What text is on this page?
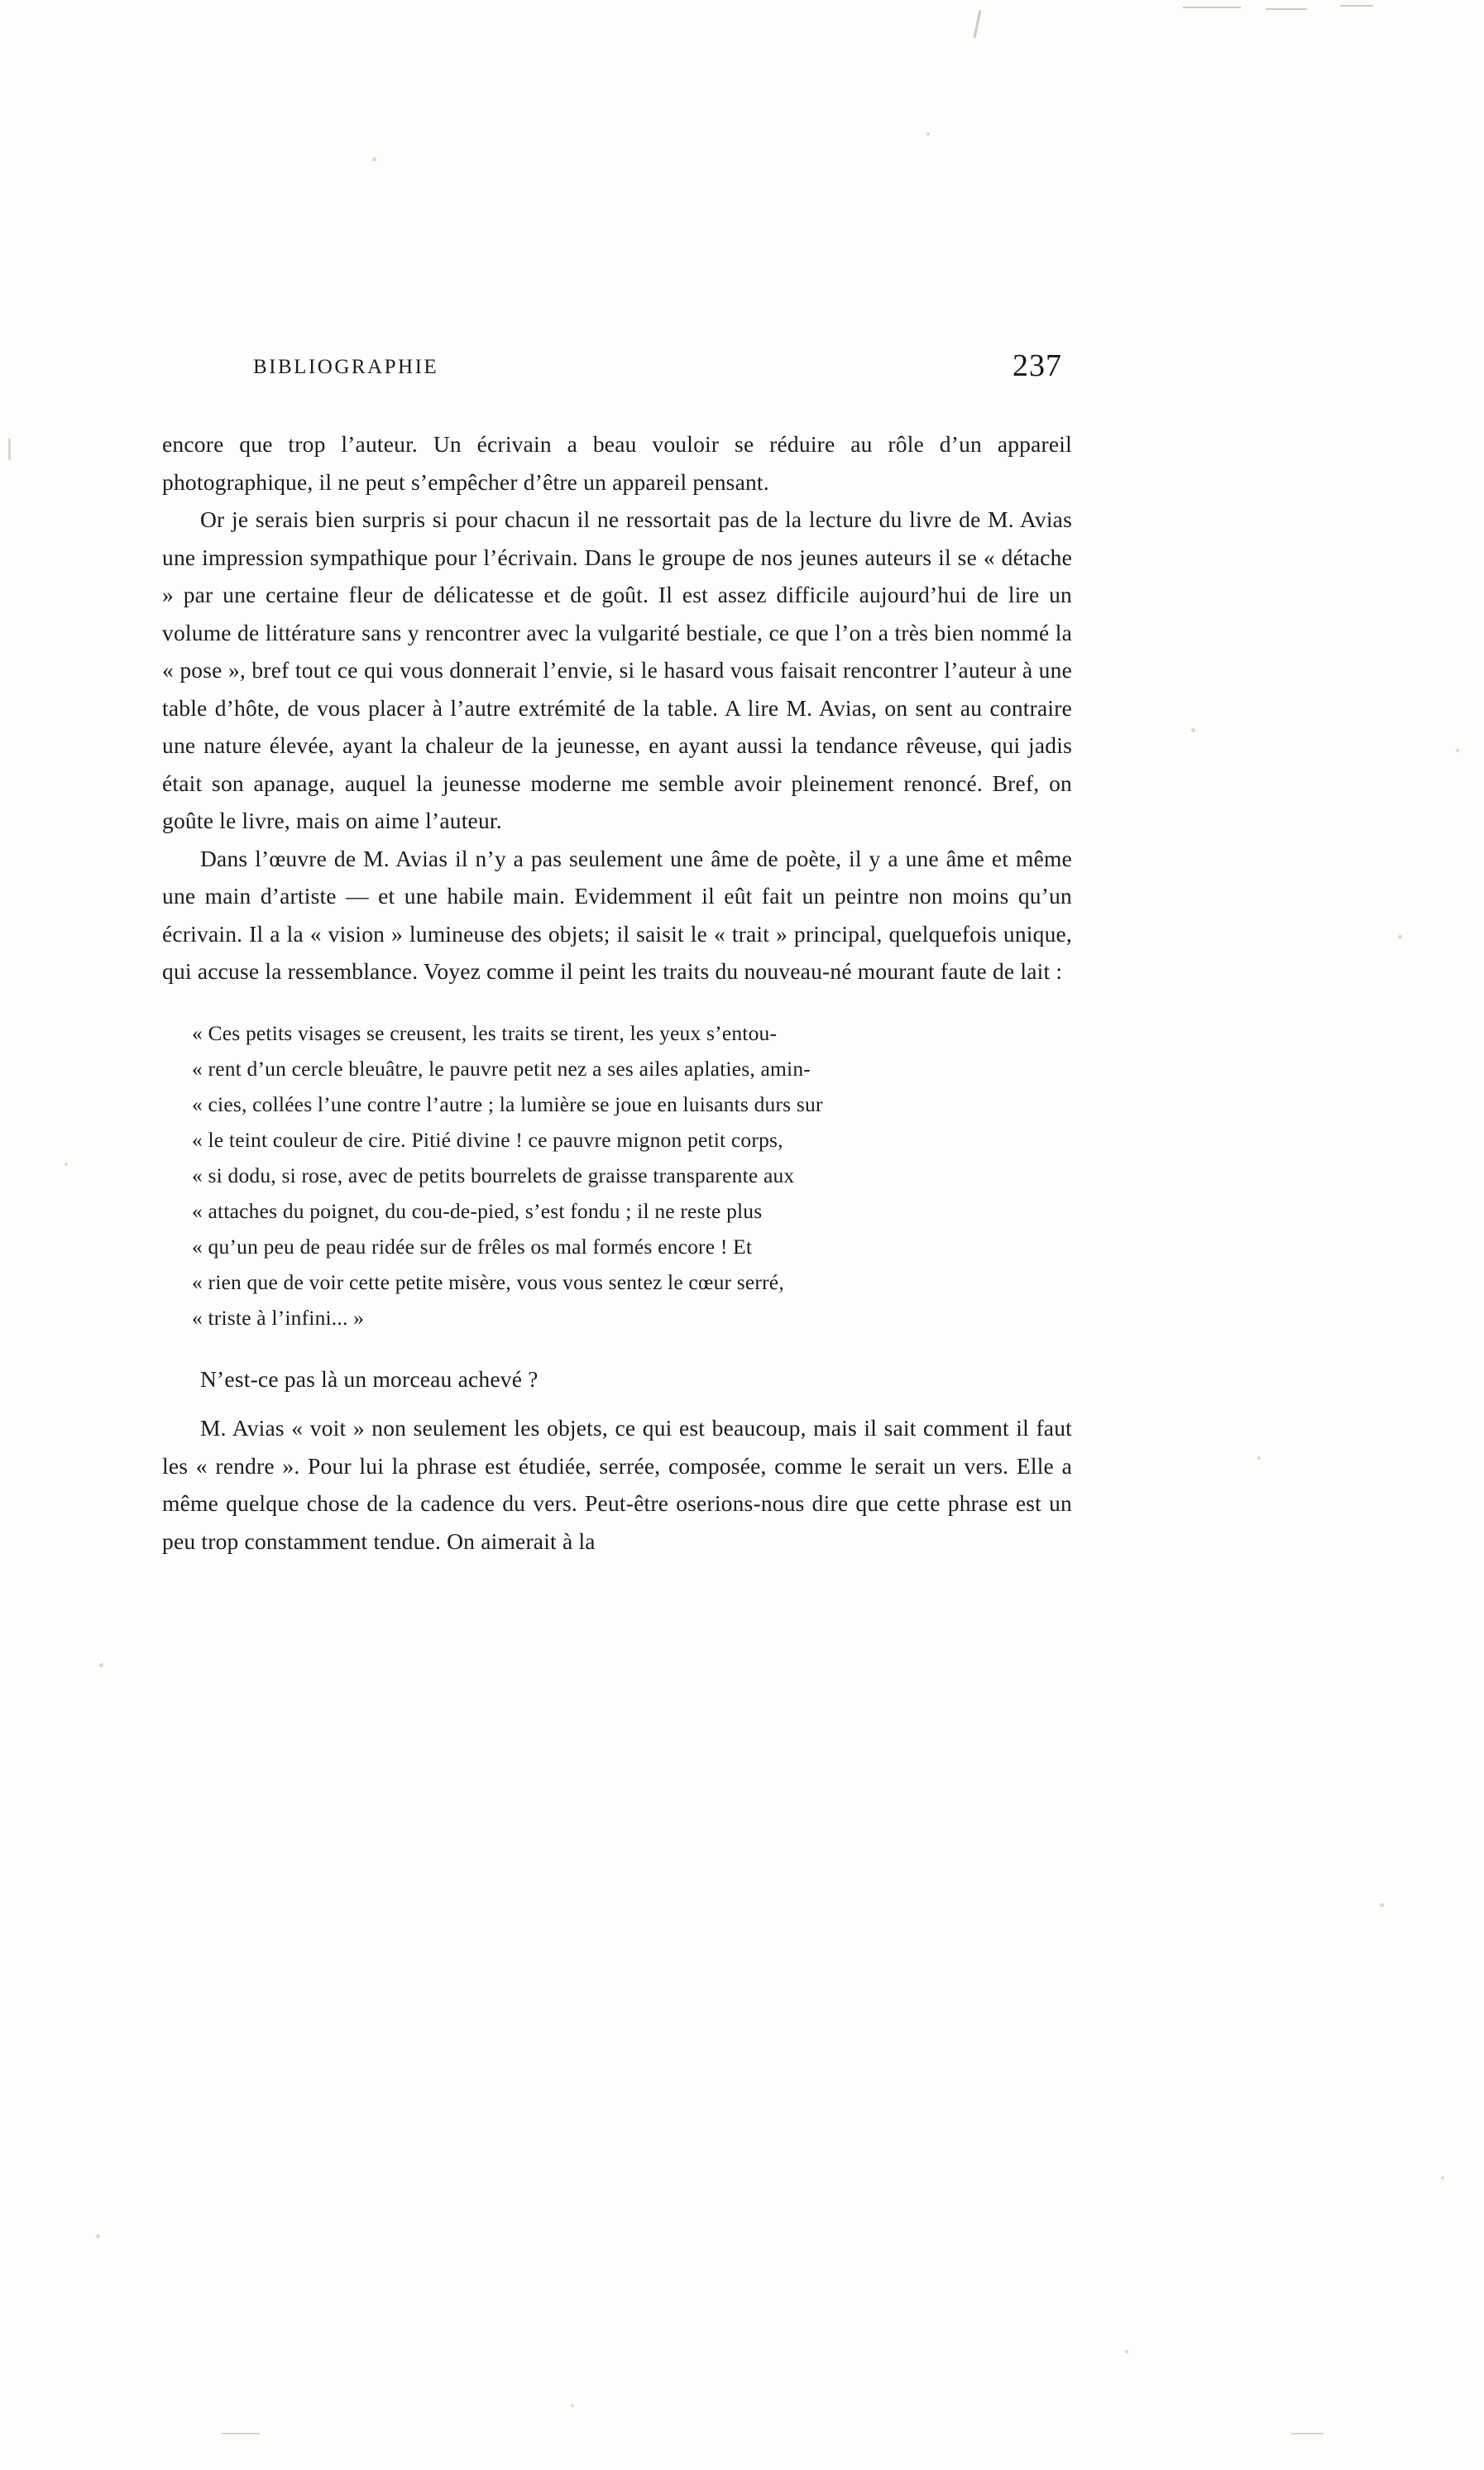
BIBLIOGRAPHIE	237

encore que trop l’auteur. Un écrivain a beau vouloir se réduire au rôle d’un appareil photographique, il ne peut s’empêcher d’être un appareil pensant.

Or je serais bien surpris si pour chacun il ne ressortait pas de la lecture du livre de M. Avias une impression sympathique pour l’écrivain. Dans le groupe de nos jeunes auteurs il se « détache » par une certaine fleur de délicatesse et de goût. Il est assez difficile aujourd’hui de lire un volume de littérature sans y rencontrer avec la vulgarité bestiale, ce que l’on a très bien nommé la « pose », bref tout ce qui vous donnerait l’envie, si le hasard vous faisait rencontrer l’auteur à une table d’hôte, de vous placer à l’autre extrémité de la table. A lire M. Avias, on sent au contraire une nature élevée, ayant la chaleur de la jeunesse, en ayant aussi la tendance rêveuse, qui jadis était son apanage, auquel la jeunesse moderne me semble avoir pleinement renoncé. Bref, on goûte le livre, mais on aime l’auteur.

Dans l’œuvre de M. Avias il n’y a pas seulement une âme de poète, il y a une âme et même une main d’artiste — et une habile main. Evidemment il eût fait un peintre non moins qu’un écrivain. Il a la « vision » lumineuse des objets; il saisit le « trait » principal, quelquefois unique, qui accuse la ressemblance. Voyez comme il peint les traits du nouveau-né mourant faute de lait :

« Ces petits visages se creusent, les traits se tirent, les yeux s’entou-

« rent d’un cercle bleuâtre, le pauvre petit nez a ses ailes aplaties, amin-

« cies, collées l’une contre l’autre ; la lumière se joue en luisants durs sur

« le teint couleur de cire. Pitié divine ! ce pauvre mignon petit corps,

« si dodu, si rose, avec de petits bourrelets de graisse transparente aux

« attaches du poignet, du cou-de-pied, s’est fondu ; il ne reste plus

« qu’un peu de peau ridée sur de frêles os mal formés encore ! Et

« rien que de voir cette petite misère, vous vous sentez le cœur serré,

« triste à l’infini... »

N’est-ce pas là un morceau achevé ?

M. Avias « voit » non seulement les objets, ce qui est beaucoup, mais il sait comment il faut les « rendre ». Pour lui la phrase est étudiée, serrée, composée, comme le serait un vers. Elle a même quelque chose de la cadence du vers. Peut-être oserions-nous dire que cette phrase est un peu trop constamment tendue. On aimerait à la
